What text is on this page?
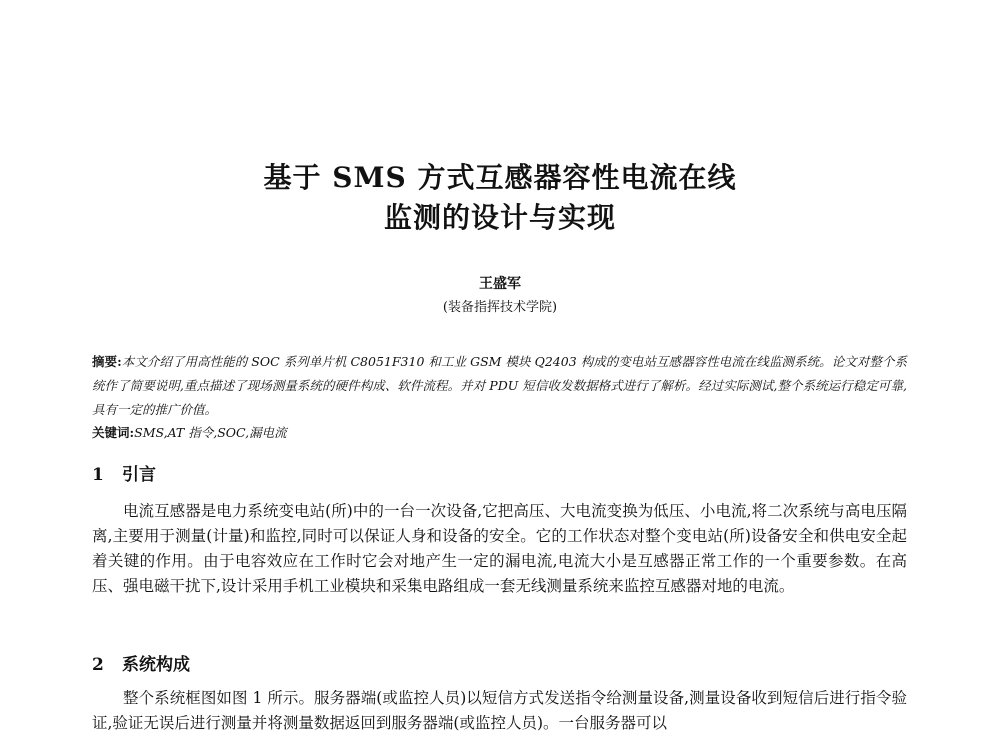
基于 SMS 方式互感器容性电流在线
监测的设计与实现
王盛军
(装备指挥技术学院)
摘要:本文介绍了用高性能的 SOC 系列单片机 C8051F310 和工业 GSM 模块 Q2403 构成的变电站互感器容性电流在线监测系统。论文对整个系统作了简要说明,重点描述了现场测量系统的硬件构成、软件流程。并对 PDU 短信收发数据格式进行了解析。经过实际测试,整个系统运行稳定可靠,具有一定的推广价值。
关键词:SMS,AT 指令,SOC,漏电流
1 引言
电流互感器是电力系统变电站(所)中的一台一次设备,它把高压、大电流变换为低压、小电流,将二次系统与高电压隔离,主要用于测量(计量)和监控,同时可以保证人身和设备的安全。它的工作状态对整个变电站(所)设备安全和供电安全起着关键的作用。由于电容效应在工作时它会对地产生一定的漏电流,电流大小是互感器正常工作的一个重要参数。在高压、强电磁干扰下,设计采用手机工业模块和采集电路组成一套无线测量系统来监控互感器对地的电流。
2 系统构成
整个系统框图如图 1 所示。服务器端(或监控人员)以短信方式发送指令给测量设备,测量设备收到短信后进行指令验证,验证无误后进行测量并将测量数据返回到服务器端(或监控人员)。一台服务器可以
